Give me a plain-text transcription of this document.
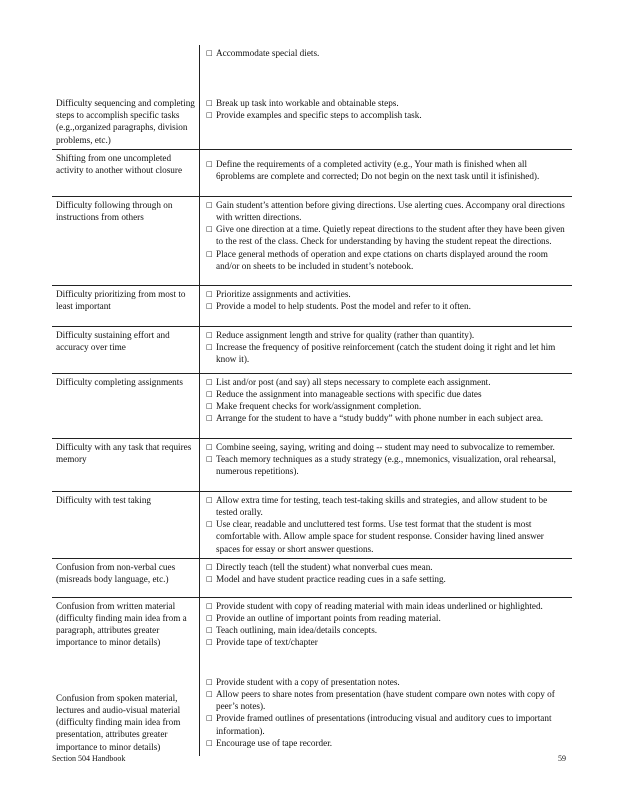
□ Accommodate special diets.
Difficulty sequencing and completing steps to accomplish specific tasks (e.g.,organized paragraphs, division problems, etc.)
□ Break up task into workable and obtainable steps.
□ Provide examples and specific steps to accomplish task.
Shifting from one uncompleted activity to another without closure
□ Define the requirements of a completed activity (e.g., Your math is finished when all 6problems are complete and corrected; Do not begin on the next task until it isfinished).
Difficulty following through on instructions from others
□ Gain student’s attention before giving directions. Use alerting cues. Accompany oral directions with written directions.
□ Give one direction at a time. Quietly repeat directions to the student after they have been given to the rest of the class. Check for understanding by having the student repeat the directions.
□ Place general methods of operation and expe ctations on charts displayed around the room and/or on sheets to be included in student’s notebook.
Difficulty prioritizing from most to least important
□ Prioritize assignments and activities.
□ Provide a model to help students. Post the model and refer to it often.
Difficulty sustaining effort and accuracy over time
□ Reduce assignment length and strive for quality (rather than quantity).
□ Increase the frequency of positive reinforcement (catch the student doing it right and let him know it).
Difficulty completing assignments	□ List and/or post (and say) all steps necessary to complete each assignment.
□ Reduce the assignment into manageable sections with specific due dates
□ Make frequent checks for work/assignment completion.
□ Arrange for the student to have a “study buddy” with phone number in each subject area.
Difficulty with any task that requires memory
□ Combine seeing, saying, writing and doing -- student may need to subvocalize to remember.
□ Teach memory techniques as a study strategy (e.g., mnemonics, visualization, oral rehearsal, numerous repetitions).
Difficulty with test taking	□ Allow extra time for testing, teach test-taking skills and strategies, and allow student to be tested orally.
□ Use clear, readable and uncluttered test forms. Use test format that the student is most comfortable with. Allow ample space for student response. Consider having lined answer spaces for essay or short answer questions.
Confusion from non-verbal cues (misreads body language, etc.)
□ Directly teach (tell the student) what nonverbal cues mean.
□ Model and have student practice reading cues in a safe setting.
Confusion from written material (difficulty finding main idea from a paragraph, attributes greater importance to minor details)
□ Provide student with copy of reading material with main ideas underlined or highlighted.
□ Provide an outline of important points from reading material.
□ Teach outlining, main idea/details concepts.
□ Provide tape of text/chapter
Confusion from spoken material, lectures and audio-visual material (difficulty finding main idea from presentation, attributes greater importance to minor details)
□ Provide student with a copy of presentation notes.
□ Allow peers to share notes from presentation (have student compare own notes with copy of peer’s notes).
□ Provide framed outlines of presentations (introducing visual and auditory cues to important information).
□ Encourage use of tape recorder.
Section 504 Handbook	59
